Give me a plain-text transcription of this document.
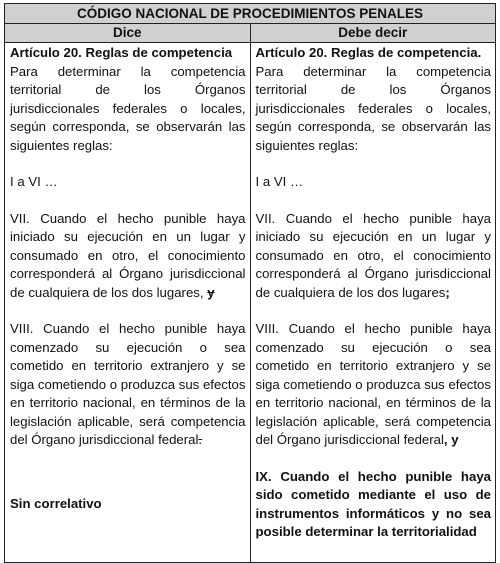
CÓDIGO NACIONAL DE PROCEDIMIENTOS PENALES
Dice	Debe decir

Artículo 20. Reglas de competencia

Para determinar la competencia territorial de los Órganos jurisdiccionales federales o locales, según corresponda, se observarán las siguientes reglas:

I a VI …

VII. Cuando el hecho punible haya iniciado su ejecución en un lugar y consumado en otro, el conocimiento corresponderá al Órgano jurisdiccional de cualquiera de los dos lugares, y

VIII. Cuando el hecho punible haya comenzado su ejecución o sea cometido en territorio extranjero y se siga cometiendo o produzca sus efectos en territorio nacional, en términos de la legislación aplicable, será competencia del Órgano jurisdiccional federal.

Sin correlativo

Artículo 20. Reglas de competencia.

Para determinar la competencia territorial de los Órganos jurisdiccionales federales o locales, según corresponda, se observarán las siguientes reglas:

I a VI …

VII. Cuando el hecho punible haya iniciado su ejecución en un lugar y consumado en otro, el conocimiento corresponderá al Órgano jurisdiccional de cualquiera de los dos lugares;

VIII. Cuando el hecho punible haya comenzado su ejecución o sea cometido en territorio extranjero y se siga cometiendo o produzca sus efectos en territorio nacional, en términos de la legislación aplicable, será competencia del Órgano jurisdiccional federal, y

IX. Cuando el hecho punible haya sido cometido mediante el uso de instrumentos informáticos y no sea posible determinar la territorialidad
